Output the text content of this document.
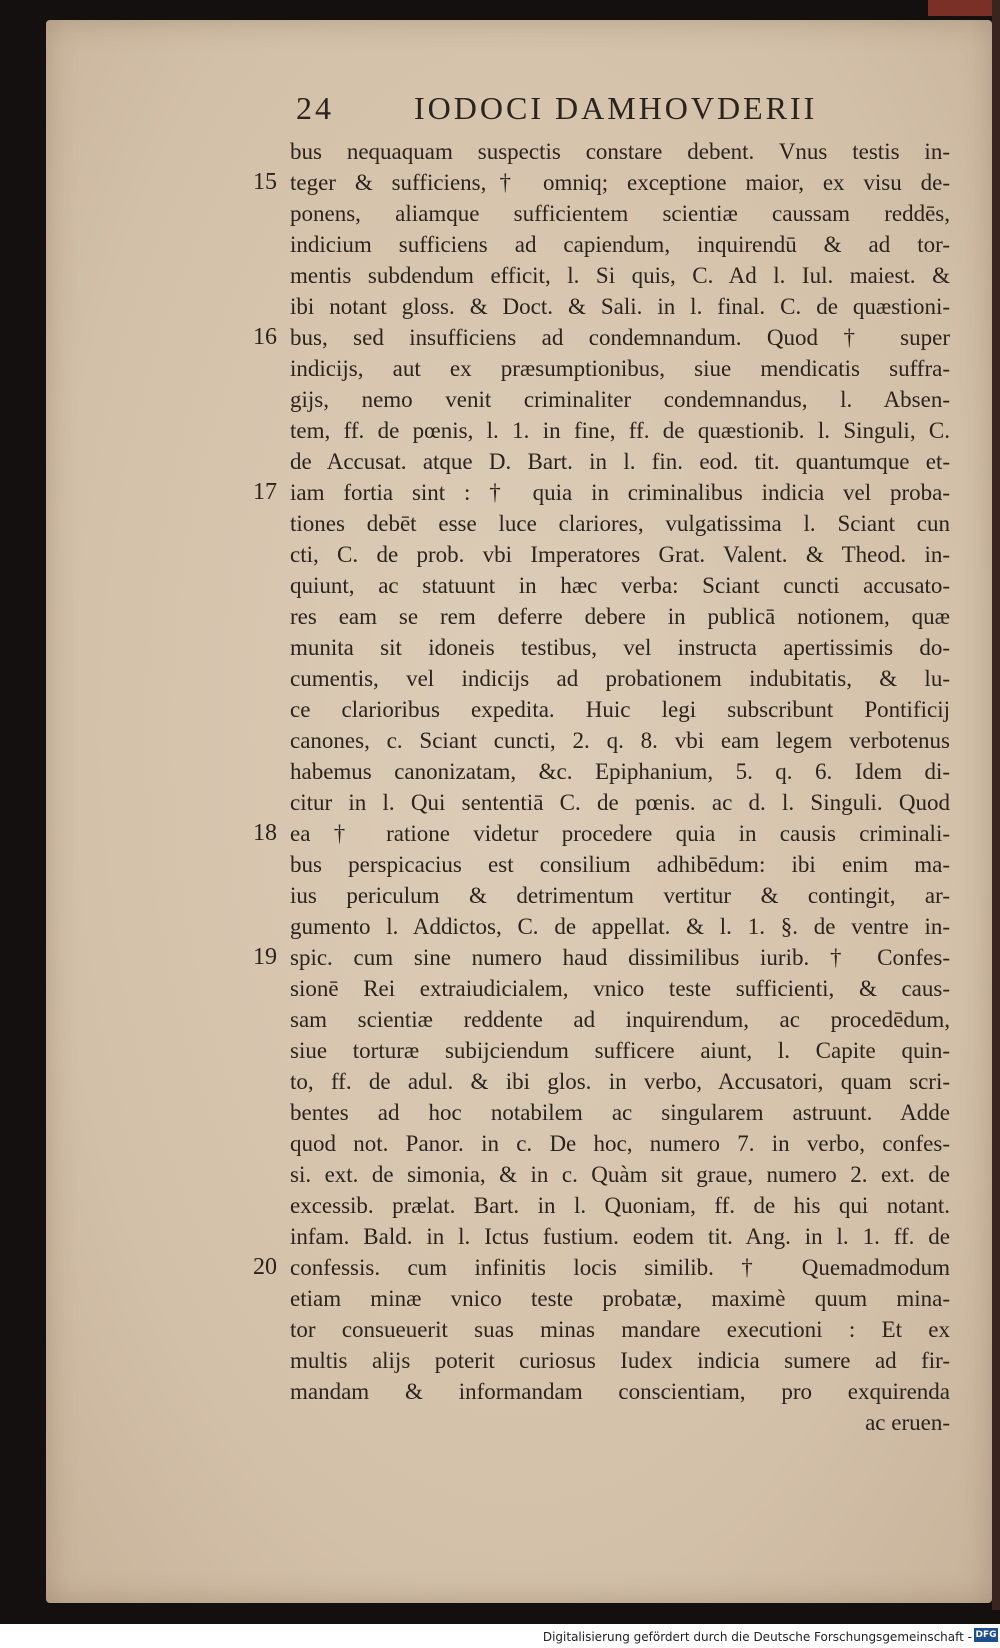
24	IODOCI DAMHOVDERII
bus nequaquam suspectis constare debent. Vnus testis in-
teger & sufficiens,† omniq; exceptione maior, ex visu de-
ponens, aliamque sufficientem scientiæ caussam reddēs,
indicium sufficiens ad capiendum, inquirendū & ad tor-
mentis subdendum efficit, l. Si quis, C. Ad l. Iul. maiest. &
ibi notant gloss. & Doct. & Sali. in l. final. C. de quæstioni-
bus, sed insufficiens ad condemnandum. Quod † super
indicijs, aut ex præsumptionibus, siue mendicatis suffra-
gijs, nemo venit criminaliter condemnandus, l. Absen-
tem, ff. de pœnis, l. 1. in fine, ff. de quæstionib. l. Singuli, C.
de Accusat. atque D. Bart. in l. fin. eod. tit. quantumque et-
iam fortia sint : † quia in criminalibus indicia vel proba-
tiones debēt esse luce clariores, vulgatissima l. Sciant cun
cti, C. de prob. vbi Imperatores Grat. Valent. & Theod. in-
quiunt, ac statuunt in hæc verba: Sciant cuncti accusato-
res eam se rem deferre debere in publicā notionem, quæ
munita sit idoneis testibus, vel instructa apertissimis do-
cumentis, vel indicijs ad probationem indubitatis, & lu-
ce clarioribus expedita. Huic legi subscribunt Pontificij
canones, c. Sciant cuncti, 2. q. 8. vbi eam legem verbotenus
habemus canonizatam, &c. Epiphanium, 5. q. 6. Idem di-
citur in l. Qui sententiā C. de pœnis. ac d. l. Singuli. Quod
ea † ratione videtur procedere quia in causis criminali-
bus perspicacius est consilium adhibēdum: ibi enim ma-
ius periculum & detrimentum vertitur & contingit, ar-
gumento l. Addictos, C. de appellat. & l. 1. §. de ventre in-
spic. cum sine numero haud dissimilibus iurib. † Confes-
sionē Rei extraiudicialem, vnico teste sufficienti, & caus-
sam scientiæ reddente ad inquirendum, ac procedēdum,
siue torturæ subijciendum sufficere aiunt, l. Capite quin-
to, ff. de adul. & ibi glos. in verbo, Accusatori, quam scri-
bentes ad hoc notabilem ac singularem astruunt. Adde
quod not. Panor. in c. De hoc, numero 7. in verbo, confes-
si. ext. de simonia, & in c. Quàm sit graue, numero 2. ext. de
excessib. prælat. Bart. in l. Quoniam, ff. de his qui notant.
infam. Bald. in l. Ictus fustium. eodem tit. Ang. in l. 1. ff. de
confessis. cum infinitis locis similib. † Quemadmodum
etiam minæ vnico teste probatæ, maximè quum mina-
tor consueuerit suas minas mandare executioni : Et ex
multis alijs poterit curiosus Iudex indicia sumere ad fir-
mandam & informandam conscientiam, pro exquirenda
ac eruen-
15
16
17
18
19
20
Digitalisierung gefördert durch die Deutsche Forschungsgemeinschaft - DFG
